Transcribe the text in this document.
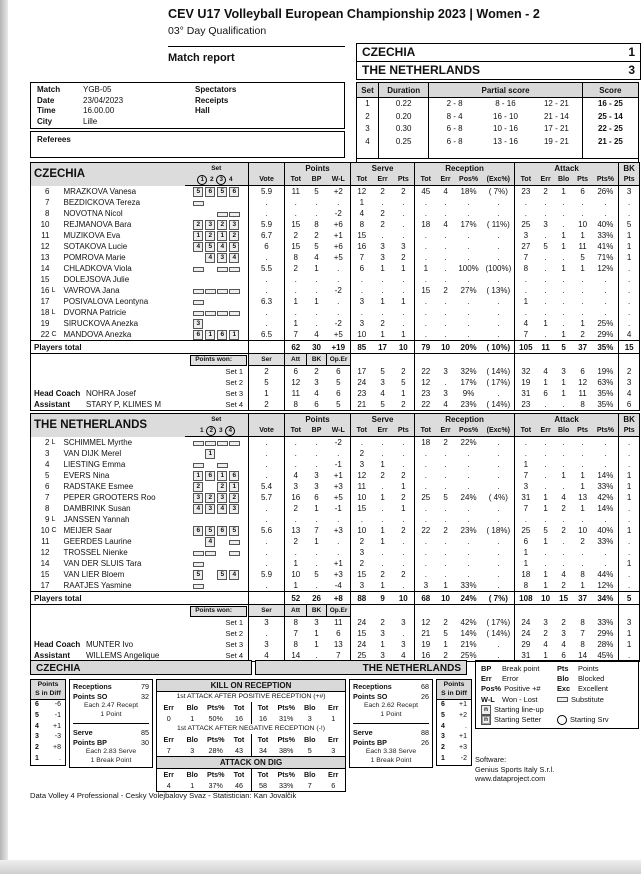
CEV U17 Volleyball European Championship 2023 | Women - 2
03° Day Qualification
Match report	CZECHIA	1
THE NETHERLANDS	3
Match	YGB-05	Spectators
Date	23/04/2023	Receipts
Time	16.00.00	Hall
City	Lille
Referees
Set	Duration	Partial score			Score
1	0.22	2 - 8	8 - 16	12 - 21	16 - 25
2	0.20	8 - 4	16 - 10	21 - 14	25 - 14
3	0.30	6 - 8	10 - 16	17 - 21	22 - 25
4	0.25	6 - 8	13 - 16	19 - 21	21 - 25

CZECHIA			Set		Points			Serve			Reception				Attack					BK
			1 2 3 4	Vote	Tot	BP	W-L	Tot	Err	Pts	Tot	Err	Pos%	(Exc%)	Tot	Err	Blo	Pts	Pts%	Pts
6		MRAZKOVA Vanesa	5 6 5 6	5.9	11	5	+2	12	2	2	45	4	18%	( 7%)	23	2	1	6	26%	3
7		BEZDICKOVA Tereza		.	.	.	.	1	.	.	.	.	.	.	.	.	.	.	.	.
8		NOVOTNA Nicol		.	.	.	-2	4	2	.	.	.	.	.	.	.	.	.	.	.
10		REJMANOVA Bara	2 3 2 3	5.9	15	8	+6	8	2	.	18	4	17%	( 11%)	25	3	.	10	40%	5
11		MUZIKOVA Eva	1 2 1 2	6.7	2	2	+1	15	.	.	.	.	.	.	3	.	1	1	33%	1
12		SOTAKOVA Lucie	4 5 4 5	6	15	5	+6	16	3	3	.	.	.	.	27	5	1	11	41%	1
13		POMROVA Marie	4 3 4	.	8	4	+5	7	3	2	.	.	.	.	7	.	.	5	71%	1
14		CHLADKOVA Viola		5.5	2	1	.	6	1	1	1	.	100%	(100%)	8	.	1	1	12%	.
15		DOLEJSOVA Julie		.	.	.	.	.	.	.	.	.	.	.	.	.	.	.	.	.
16	L	VAVROVA Jana		.	.	.	-2	.	.	.	15	2	27%	( 13%)	.	.	.	.	.	.
17		POSIVALOVA Leontyna		6.3	1	1	.	3	1	1	.	.	.	.	1	.	.	.	.	.
18	L	DVORNA Patricie		.	.	.	.	.	.	.	.	.	.	.	.	.	.	.	.	.
19		SIRUCKOVA Anezka	3	.	1	.	-2	3	2	.	.	.	.	.	4	1	.	1	25%	.
22	C	MANDOVA Anezka	6 1 6 1	6.5	7	4	+5	10	1	1	.	.	.	.	7	.	1	2	29%	4
Players total					62	30	+19	85	17	10	79	10	20%	( 10%)	105	11	5	37	35%	15
Points won:				Ser	Att	BK	Op.Er													
			Set 1	2	6	2	6	17	5	2	22	3	32%	( 14%)	32	4	3	6	19%	2
			Set 2	5	12	3	5	24	3	5	12	.	17%	( 17%)	19	1	1	12	63%	3
Head Coach NOHRA Josef			Set 3	1	11	4	6	23	4	1	23	3	9%	.	31	6	1	11	35%	4
Assistant STARY P, KLIMES M			Set 4	2	8	6	5	21	5	2	22	4	23%	( 14%)	23	.	.	8	35%	6
THE NETHERLANDS			Set		Points			Serve			Reception				Attack					BK
			1 2 3 4	Vote	Tot	BP	W-L	Tot	Err	Pts	Tot	Err	Pos%	(Exc%)	Tot	Err	Blo	Pts	Pts%	Pts
2	L	SCHIMMEL Myrthe		.	.	.	-2	.	.	.	18	2	22%	.	.	.	.	.	.	.
3		VAN DIJK Merel	1	.	.	.	.	2	.	.	.	.	.	.	.	.	.	.	.	.
4		LIESTING Emma		.	.	.	-1	3	1	.	.	.	.	.	1	.	.	.	.	.
5		EVERS Nina	1 6 1 6	.	4	3	+1	12	2	2	.	.	.	.	7	.	1	1	14%	1
6		RADSTAKE Esmee	2 2 1	5.4	3	3	+3	11	.	1	.	.	.	.	3	.	.	1	33%	1
7		PEPER GROOTERS Roo	3 2 3 2	5.7	16	6	+5	10	1	2	25	5	24%	( 4%)	31	1	4	13	42%	1
8		DAMBRINK Susan	4 3 4 3	.	2	1	-1	15	.	1	.	.	.	.	7	1	2	1	14%	.
9	L	JANSSEN Yannah		.	.	.	.	.	.	.	.	.	.	.	.	.	.	.	.	.
10	C	MEIJER Saar	6 5 6 5	5.6	13	7	+3	10	1	2	22	2	23%	( 18%)	25	5	2	10	40%	1
11		GEERDES Laurine	4	.	2	1	.	2	1	.	.	.	.	.	6	1	.	2	33%	.
12		TROSSEL Nienke		.	.	.	.	3	.	.	.	.	.	.	1	.	.	.	.	.
14		VAN DER SLUIS Tara		.	1	.	+1	2	.	.	.	.	.	.	1	.	.	.	.	1
15		VAN LIER Bloem	5 5 4	5.9	10	5	+3	15	2	2	.	.	.	.	18	1	4	8	44%	.
17		RAATJES Yasmine		.	1	.	-4	3	1	.	3	1	33%	.	8	1	2	1	12%	.
Players total					52	26	+8	88	9	10	68	10	24%	( 7%)	108	10	15	37	34%	5
Points won:				Ser	Att	BK	Op.Er													
			Set 1	3	8	3	11	24	2	3	12	2	42%	( 17%)	24	3	2	8	33%	3
			Set 2	.	7	1	6	15	3	.	21	5	14%	( 14%)	24	2	3	7	29%	1
Head Coach MUNTER Ivo			Set 3	3	8	1	13	24	1	3	19	1	21%	.	29	4	4	8	28%	1
Assistant WILLEMS Angelique			Set 4	4	14	.	7	25	3	4	16	2	25%	.	31	1	6	14	45%	.
CZECHIA	THE NETHERLANDS
Points
S in Diff
6 -6
5 -1
4 +1
3 -3
2 +8
1	.
Receptions	79
Points SO	32
Each 2.47 Recept
1 Point
Serve	85
Points BP	30
Each 2.83 Serve
1 Break Point
KILL ON RECEPTION
1st ATTACK AFTER POSITIVE RECEPTION (+#)
Err	Blo	Pts%	Tot	Tot	Pts%	Blo	Err
0	1	50%	16	16	31%	3	1
1st ATTACK AFTER NEGATIVE RECEPTION (-!)
Err	Blo	Pts%	Tot	Tot	Pts%	Blo	Err
7	3	28%	43	34	38%	5	3
ATTACK ON DIG
Err	Blo	Pts%	Tot	Tot	Pts%	Blo	Err
4	1	37%	46	58	33%	7	6
Receptions	68
Points SO	26
Each 2.62 Recept
1 Point
Serve	88
Points BP	26
Each 3.38 Serve
1 Break Point
Points
S in Diff
6 +1
5 +2
4	.
3 +1
2 +3
1 -2
BP	Break point Pts	Points
Err	Error	Blo	Blocked
Pos% Positive +# Exc	Excellent
W-L Won - Lost	Substitute
n Starting line-up
n Starting Setter	Starting Srv
Software:
Genius Sports Italy S.r.l.
www.dataproject.com
Data Volley 4 Professional - Cesky Volejbalovy Svaz - Statistician: Kan Jovalčik
